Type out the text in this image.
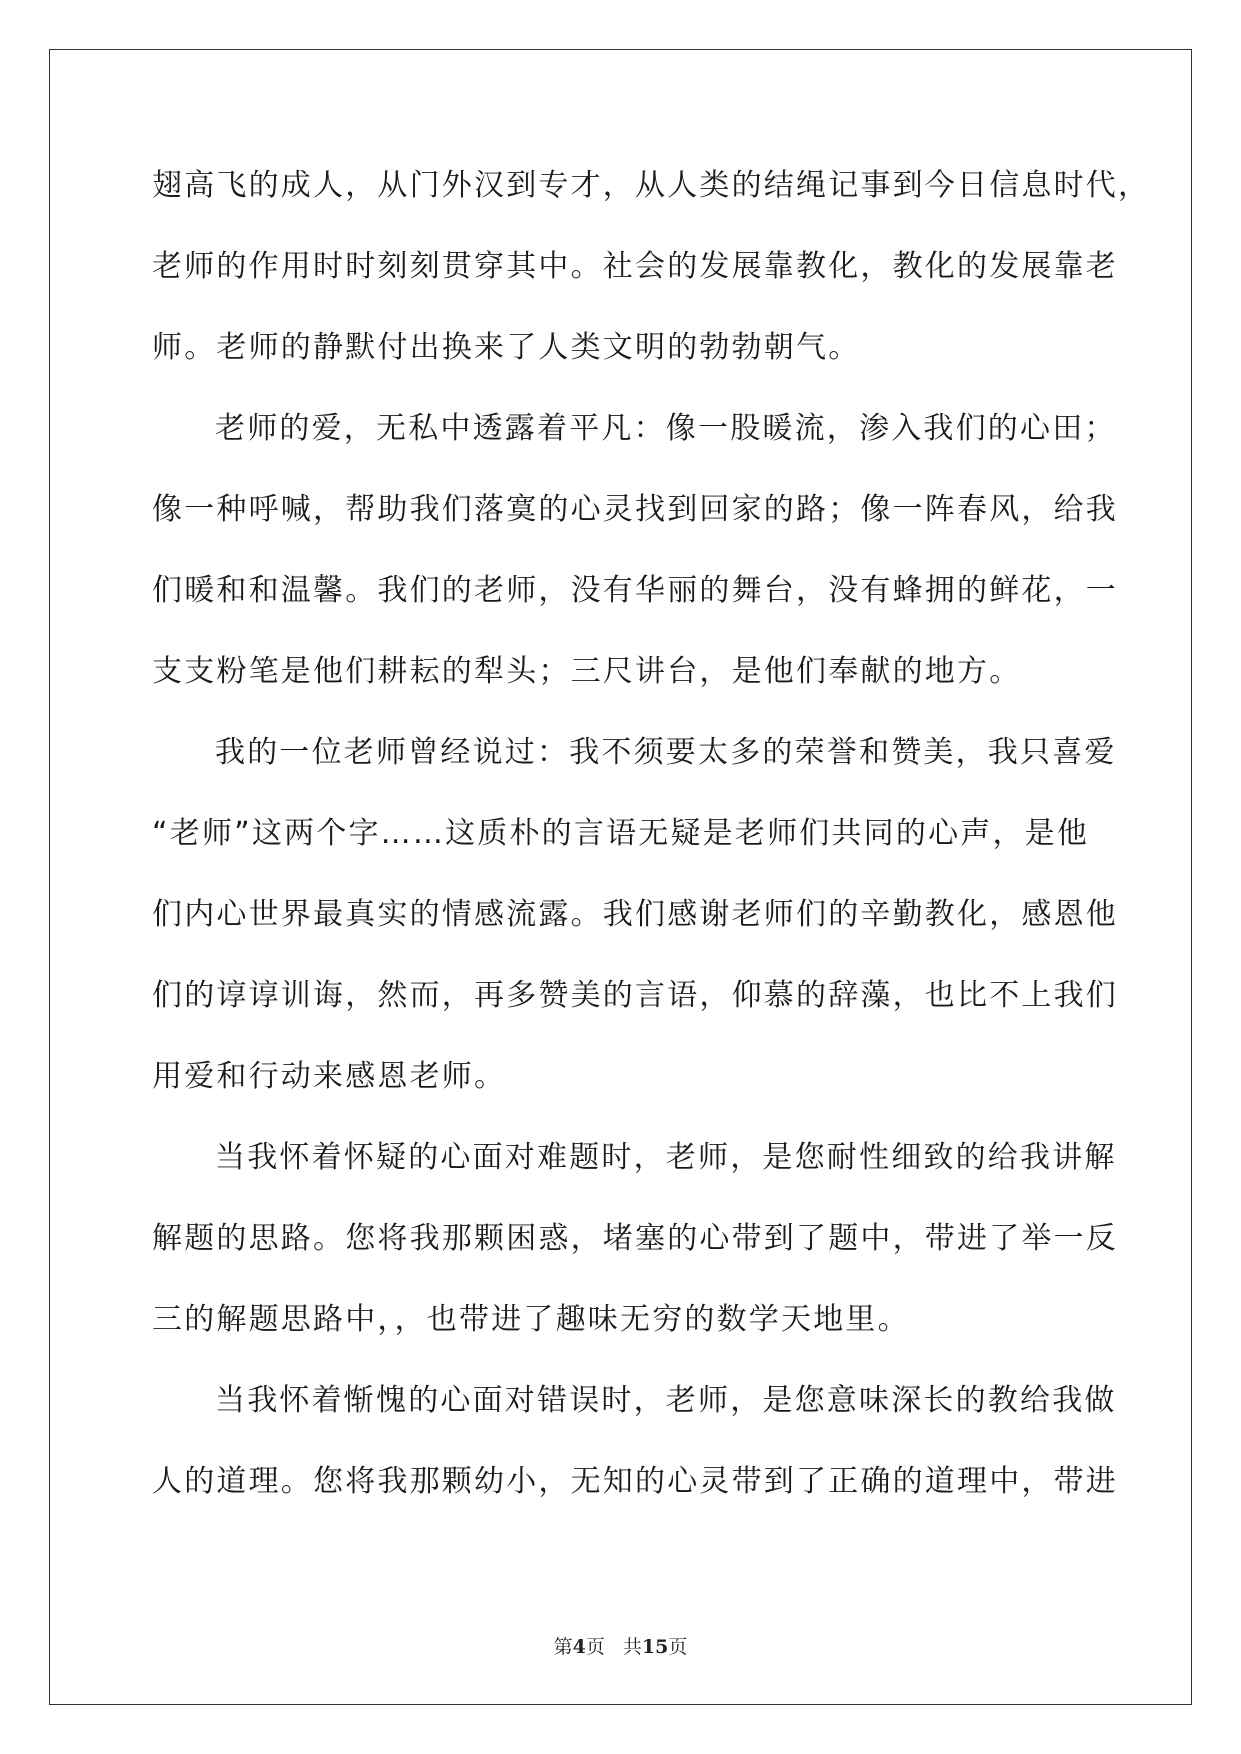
翅高飞的成人，从门外汉到专才，从人类的结绳记事到今日信息时代，
老师的作用时时刻刻贯穿其中。社会的发展靠教化，教化的发展靠老
师。老师的静默付出换来了人类文明的勃勃朝气。
老师的爱，无私中透露着平凡：像一股暖流，渗入我们的心田；
像一种呼喊，帮助我们落寞的心灵找到回家的路；像一阵春风，给我
们暖和和温馨。我们的老师，没有华丽的舞台，没有蜂拥的鲜花，一
支支粉笔是他们耕耘的犁头；三尺讲台，是他们奉献的地方。
我的一位老师曾经说过：我不须要太多的荣誉和赞美，我只喜爱
“老师”这两个字……这质朴的言语无疑是老师们共同的心声，是他
们内心世界最真实的情感流露。我们感谢老师们的辛勤教化，感恩他
们的谆谆训诲，然而，再多赞美的言语，仰慕的辞藻，也比不上我们
用爱和行动来感恩老师。
当我怀着怀疑的心面对难题时，老师，是您耐性细致的给我讲解
解题的思路。您将我那颗困惑，堵塞的心带到了题中，带进了举一反
三的解题思路中，，也带进了趣味无穷的数学天地里。
当我怀着惭愧的心面对错误时，老师，是您意味深长的教给我做
人的道理。您将我那颗幼小，无知的心灵带到了正确的道理中，带进
第4页 共15页
